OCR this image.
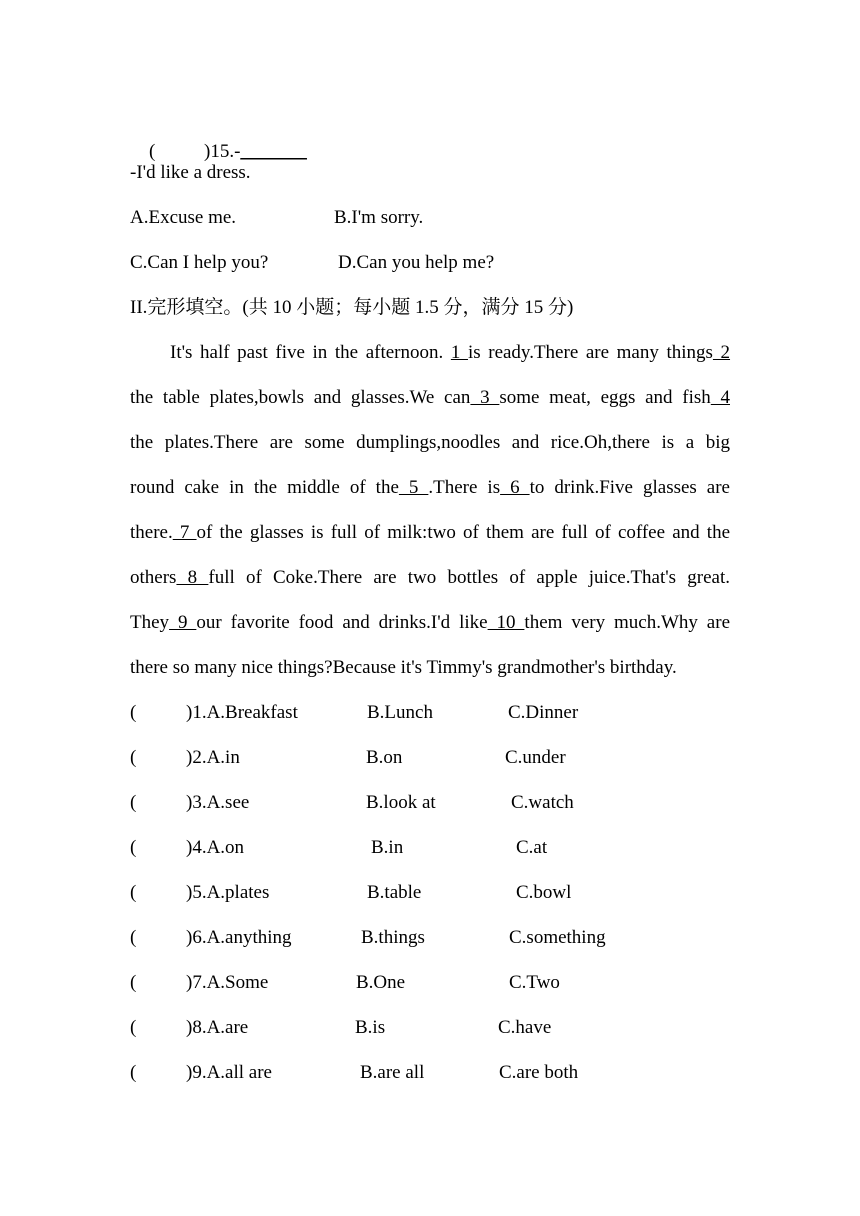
(	)15.-_______

-I'd like a dress.
A.Excuse me.	B.I'm sorry.
C.Can I help you?	D.Can you help me?
II.完形填空。(共 10 小题；每小题 1.5 分，满分 15 分)
It's half past five in the afternoon. 1 is ready.There are many things 2
the table plates,bowls and glasses.We can 3 some meat, eggs and fish 4
the plates.There are some dumplings,noodles and rice.Oh,there is a big
round cake in the middle of the 5 .There is 6 to drink.Five glasses are
there. 7 of the glasses is full of milk:two of them are full of coffee and the
others 8 full of Coke.There are two bottles of apple juice.That's great.
They 9 our favorite food and drinks.I'd like 10 them very much.Why are
there so many nice things?Because it's Timmy's grandmother's birthday.
(	)1.A.Breakfast	B.Lunch	C.Dinner
(	)2.A.in	B.on	C.under
(	)3.A.see	B.look at	C.watch
(	)4.A.on	B.in	C.at
(	)5.A.plates	B.table	C.bowl
(	)6.A.anything	B.things	C.something
(	)7.A.Some	B.One	C.Two
(	)8.A.are	B.is	C.have
(	)9.A.all are	B.are all	C.are both
